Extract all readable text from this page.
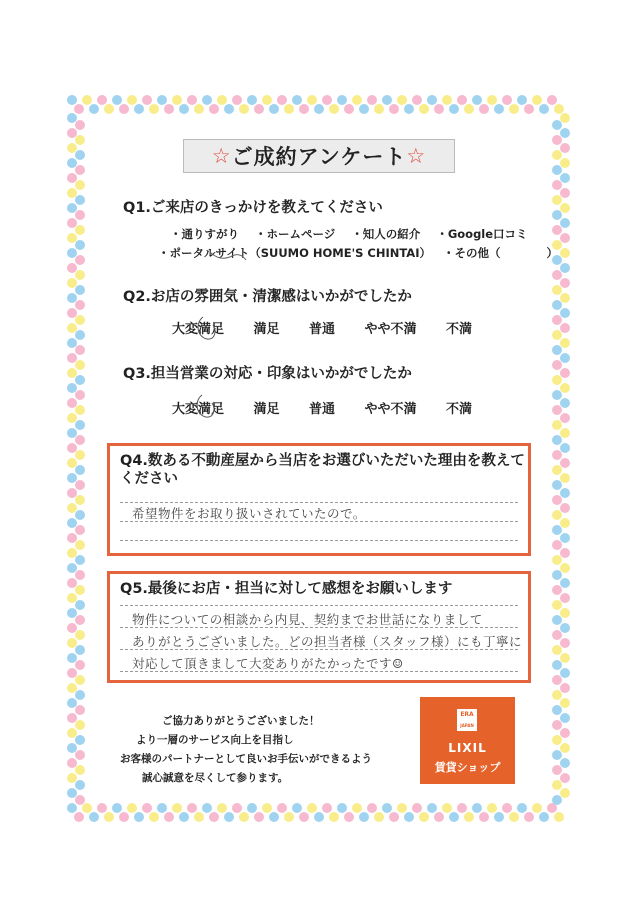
☆ ご成約アンケート ☆
Q1.ご来店のきっかけを教えてください
・通りすがり ・ホームページ ・知人の紹介 ・Google口コミ
・ポータルサイト（SUUMO HOME'S CHINTAI） ・その他（　　　　）
Q2.お店の雰囲気・清潔感はいかがでしたか
大変満足 満足 普通 やや不満 不満
Q3.担当営業の対応・印象はいかがでしたか
大変満足 満足 普通 やや不満 不満
Q4.数ある不動産屋から当店をお選びいただいた理由を教えて
ください
希望物件をお取り扱いされていたので。
Q5.最後にお店・担当に対して感想をお願いします
物件についての相談から内見、契約までお世話になりまして
ありがとうございました。どの担当者様（スタッフ様）にも丁寧に
対応して頂きまして大変ありがたかったです☺
ご協力ありがとうございました！
より一層のサービス向上を目指し
お客様のパートナーとして良いお手伝いができるよう
誠心誠意を尽くして参ります。
ERA
JAPAN
LIXIL
賃貸ショップ
